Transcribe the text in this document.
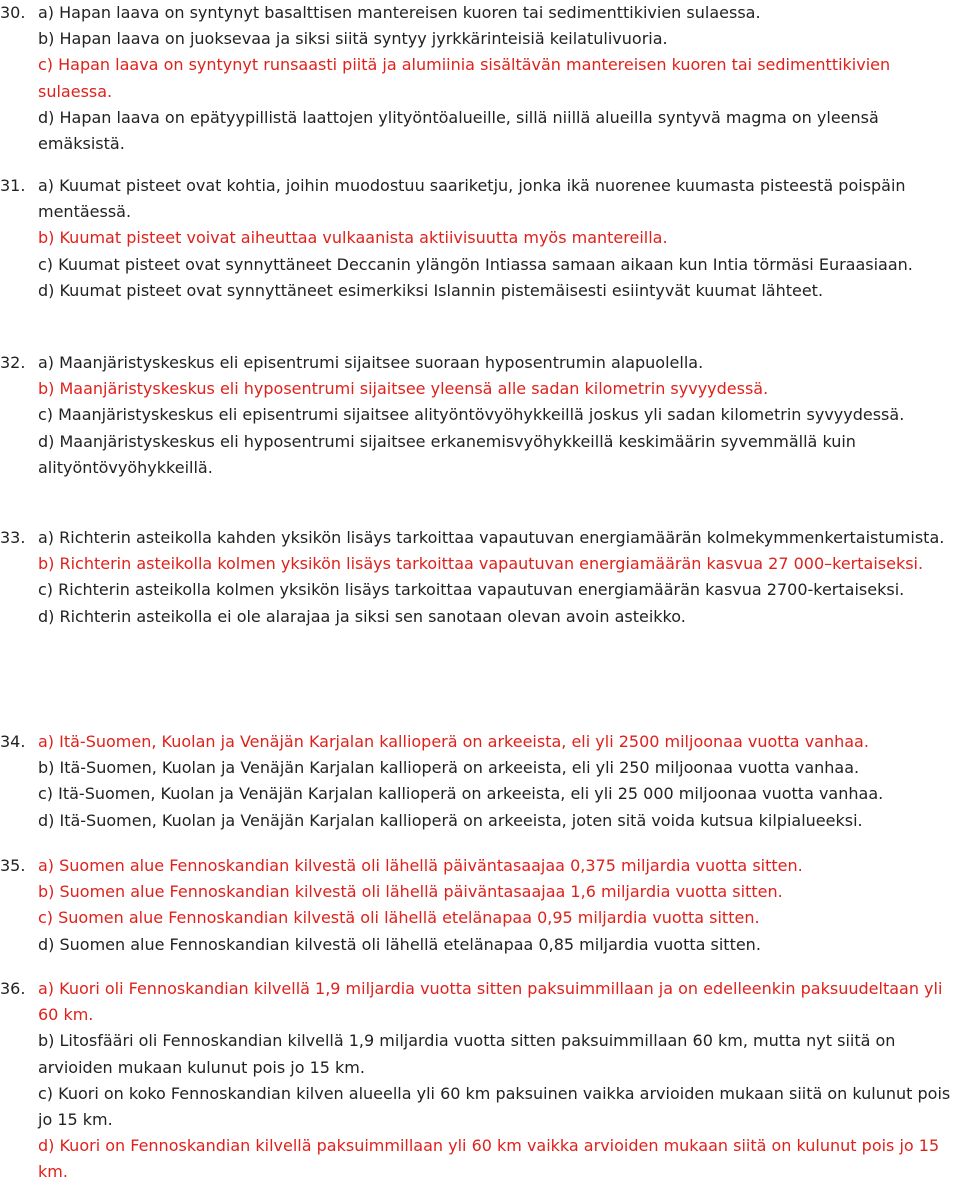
30. a) Hapan laava on syntynyt basalttisen mantereisen kuoren tai sedimenttikivien sulaessa.
b) Hapan laava on juoksevaa ja siksi siitä syntyy jyrkkärinteisiä keilatulivuoria.
c) Hapan laava on syntynyt runsaasti piitä ja alumiinia sisältävän mantereisen kuoren tai sedimenttikivien sulaessa.
d) Hapan laava on epätyypillistä laattojen ylityöntöalueille, sillä niillä alueilla syntyvä magma on yleensä emäksistä.
31. a) Kuumat pisteet ovat kohtia, joihin muodostuu saariketju, jonka ikä nuorenee kuumasta pisteestä poispäin mentäessä.
b) Kuumat pisteet voivat aiheuttaa vulkaanista aktiivisuutta myös mantereilla.
c) Kuumat pisteet ovat synnyttäneet Deccanin ylängön Intiassa samaan aikaan kun Intia törmäsi Euraasiaan.
d) Kuumat pisteet ovat synnyttäneet esimerkiksi Islannin pistemäisesti esiintyvät kuumat lähteet.
32. a) Maanjäristyskeskus eli episentrumi sijaitsee suoraan hyposentrumin alapuolella.
b) Maanjäristyskeskus eli hyposentrumi sijaitsee yleensä alle sadan kilometrin syvyydessä.
c) Maanjäristyskeskus eli episentrumi sijaitsee alityöntövyöhykkeillä joskus yli sadan kilometrin syvyydessä.
d) Maanjäristyskeskus eli hyposentrumi sijaitsee erkanemisvyöhykkeillä keskimäärin syvemmällä kuin alityöntövyöhykkeillä.
33. a) Richterin asteikolla kahden yksikön lisäys tarkoittaa vapautuvan energiamäärän kolmekymmenkertaistumista.
b) Richterin asteikolla kolmen yksikön lisäys tarkoittaa vapautuvan energiamäärän kasvua 27 000–kertaiseksi.
c) Richterin asteikolla kolmen yksikön lisäys tarkoittaa vapautuvan energiamäärän kasvua 2700-kertaiseksi.
d) Richterin asteikolla ei ole alarajaa ja siksi sen sanotaan olevan avoin asteikko.
34. a) Itä-Suomen, Kuolan ja Venäjän Karjalan kallioperä on arkeeista, eli yli 2500 miljoonaa vuotta vanhaa.
b) Itä-Suomen, Kuolan ja Venäjän Karjalan kallioperä on arkeeista, eli yli 250 miljoonaa vuotta vanhaa.
c) Itä-Suomen, Kuolan ja Venäjän Karjalan kallioperä on arkeeista, eli yli 25 000 miljoonaa vuotta vanhaa.
d) Itä-Suomen, Kuolan ja Venäjän Karjalan kallioperä on arkeeista, joten sitä voida kutsua kilpialueeksi.
35. a) Suomen alue Fennoskandian kilvestä oli lähellä päiväntasaajaa 0,375 miljardia vuotta sitten.
b) Suomen alue Fennoskandian kilvestä oli lähellä päiväntasaajaa 1,6 miljardia vuotta sitten.
c) Suomen alue Fennoskandian kilvestä oli lähellä etelänapaa 0,95 miljardia vuotta sitten.
d) Suomen alue Fennoskandian kilvestä oli lähellä etelänapaa 0,85 miljardia vuotta sitten.
36. a) Kuori oli Fennoskandian kilvellä 1,9 miljardia vuotta sitten paksuimmillaan ja on edelleenkin paksuudeltaan yli 60 km.
b) Litosfääri oli Fennoskandian kilvellä 1,9 miljardia vuotta sitten paksuimmillaan 60 km, mutta nyt siitä on arvioiden mukaan kulunut pois jo 15 km.
c) Kuori on koko Fennoskandian kilven alueella yli 60 km paksuinen vaikka arvioiden mukaan siitä on kulunut pois jo 15 km.
d) Kuori on Fennoskandian kilvellä paksuimmillaan yli 60 km vaikka arvioiden mukaan siitä on kulunut pois jo 15 km.
